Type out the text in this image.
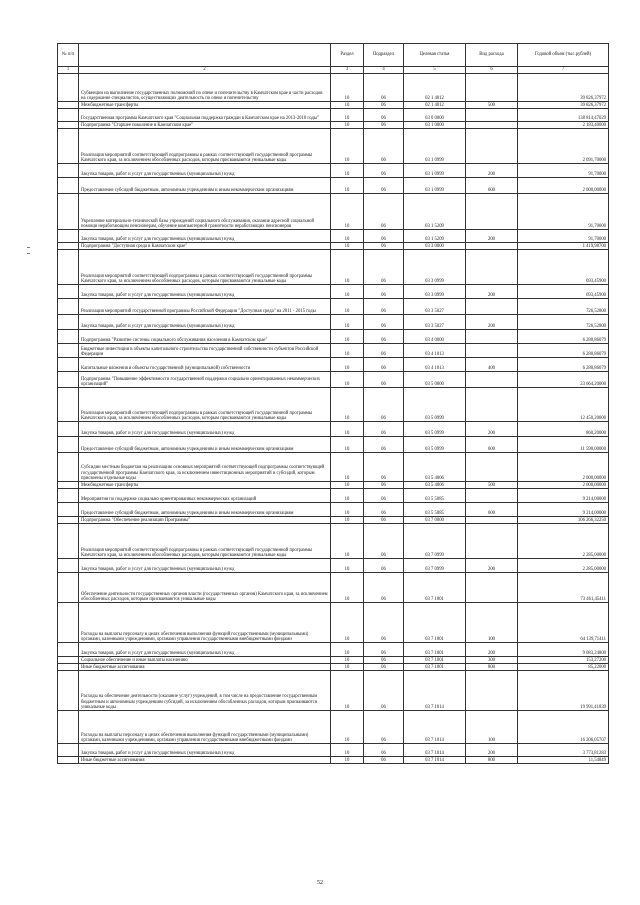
№ п/п		Раздел	Подраздел	Целевая статья	Вид расхода	Годовой объем (тыс.рублей)
1	2	3	4	5	6	7
	Субвенции на выполнение государственных полномочий по опеке и попечительству в Камчатском крае в части расходов на содержание специалистов, осуществляющих деятельность по опеке и попечительству	10	06	02 1 4012		39 826,37972
	Межбюджетные трансферты	10	06	02 1 4012	500	39 826,37972
	Государственная программа Камчатского края "Социальная поддержка граждан в Камчатском крае на 2013-2018 годы"	10	06	03 0 0000		138 814,47029
	Подпрограмма "Старшее поколение в Камчатском крае"	10	06	03 1 0000		2 183,40000
	Реализация мероприятий соответствующей подпрограммы в рамках соответствующей государственной программы Камчатского края, за исключением обособленных расходов, которым присваиваются уникальные коды	10	06	03 1 0999		2 091,70000
	Закупка товаров, работ и услуг для государственных (муниципальных) нужд	10	06	03 1 0999	200	91,70000
	Предоставление субсидий бюджетным, автономным учреждениям и иным некоммерческим организациям	10	06	03 1 0999	600	2 000,00000
	Укрепление материально-технической базы учреждений социального обслуживания, оказание адресной социальной помощи неработающим пенсионерам, обучение компьютерной грамотности неработающих пенсионеров	10	06	03 1 5209		91,70000
	Закупка товаров, работ и услуг для государственных (муниципальных) нужд	10	06	03 1 5209	200	91,70000
	Подпрограмма "Доступная среда в Камчатском крае"	10	06	03 3 0000		1 419,98700
	Реализация мероприятий соответствующей подпрограммы в рамках соответствующей государственной программы Камчатского края, за исключением обособленных расходов, которым присваиваются уникальные коды	10	06	03 3 0999		693,45900
	Закупка товаров, работ и услуг для государственных (муниципальных) нужд	10	06	03 3 0999	200	693,45900
	Реализация мероприятий государственной программы Российской Федерации "Доступная среда" на 2011 - 2015 годы	10	06	03 3 5027		726,52800
	Закупка товаров, работ и услуг для государственных (муниципальных) нужд	10	06	03 3 5027	200	726,52800
	Подпрограмма "Развитие системы социального обслуживания населения в Камчатском крае"	10	06	03 4 0000		6 280,86079
	Бюджетные инвестиции в объекты капитального строительства государственной собственности субъектов Российской Федерации	10	06	03 4 1013		6 280,86079
	Капитальные вложения в объекты государственной (муниципальной) собственности	10	06	03 4 1013	400	6 280,86079
	Подпрограмма "Повышение эффективности государственной поддержки социально ориентированных некоммерческих организаций"	10	06	03 5 0000		23 664,20000
	Реализация мероприятий соответствующей подпрограммы в рамках соответствующей государственной программы Камчатского края, за исключением обособленных расходов, которым присваиваются уникальные коды	10	06	03 5 0999		12 450,20000
	Закупка товаров, работ и услуг для государственных (муниципальных) нужд	10	06	03 5 0999	200	860,20000
	Предоставление субсидий бюджетным, автономным учреждениям и иным некоммерческим организациям	10	06	03 5 0999	600	11 590,00000
	Субсидии местным бюджетам на реализацию основных мероприятий соответствующей подпрограммы соответствующей государственной программы Камчатского края, за исключением инвестиционных мероприятий и субсидий, которым присвоены отдельные коды	10	06	03 5 4006		2 000,00000
	Межбюджетные трансферты	10	06	03 5 4006	500	2 000,00000
	Мероприятия по поддержке социально ориентированных некоммерческих организаций	10	06	03 5 5085		9 214,00000
	Предоставление субсидий бюджетным, автономным учреждениям и иным некоммерческим организациям	10	06	03 5 5085	600	9 214,00000
	Подпрограмма "Обеспечение реализации Программы"	10	06	03 7 0000		106 266,32250
	Реализация мероприятий соответствующей подпрограммы в рамках соответствующей государственной программы Камчатского края, за исключением обособленных расходов, которым присваиваются уникальные коды	10	06	03 7 0999		2 285,00000
	Закупка товаров, работ и услуг для государственных (муниципальных) нужд	10	06	03 7 0999	200	2 285,00000
	Обеспечение деятельности государственных органов власти (государственных органов) Камчатского края, за исключением обособленных расходов, которым присваиваются уникальные коды	10	06	03 7 1001		73 461,45411
	Расходы на выплаты персоналу в целях обеспечения выполнения функций государственными (муниципальными) органами, казенными учреждениями, органами управления государственными внебюджетными фондами	10	06	03 7 1001	100	64 139,71411
	Закупка товаров, работ и услуг для государственных (муниципальных) нужд	10	06	03 7 1001	200	9 083,24800
	Социальное обеспечение и иные выплаты населению	10	06	03 7 1001	300	153,27200
	Иные бюджетные ассигнования	10	06	03 7 1001	800	85,22000
	Расходы на обеспечение деятельности (оказание услуг) учреждений, в том числе на предоставление государственным бюджетным и автономным учреждениям субсидий, за исключением обособленных расходов, которым присваиваются уникальные коды	10	06	03 7 1014		19 991,41839
	Расходы на выплаты персоналу в целях обеспечения выполнения функций государственными (муниципальными) органами, казенными учреждениями, органами управления государственными внебюджетными фондами	10	06	03 7 1014	100	16 206,05707
	Закупка товаров, работ и услуг для государственных (муниципальных) нужд	10	06	03 7 1014	200	3 773,81283
	Иные бюджетные ассигнования	10	06	03 7 1014	800	11,54849
52
